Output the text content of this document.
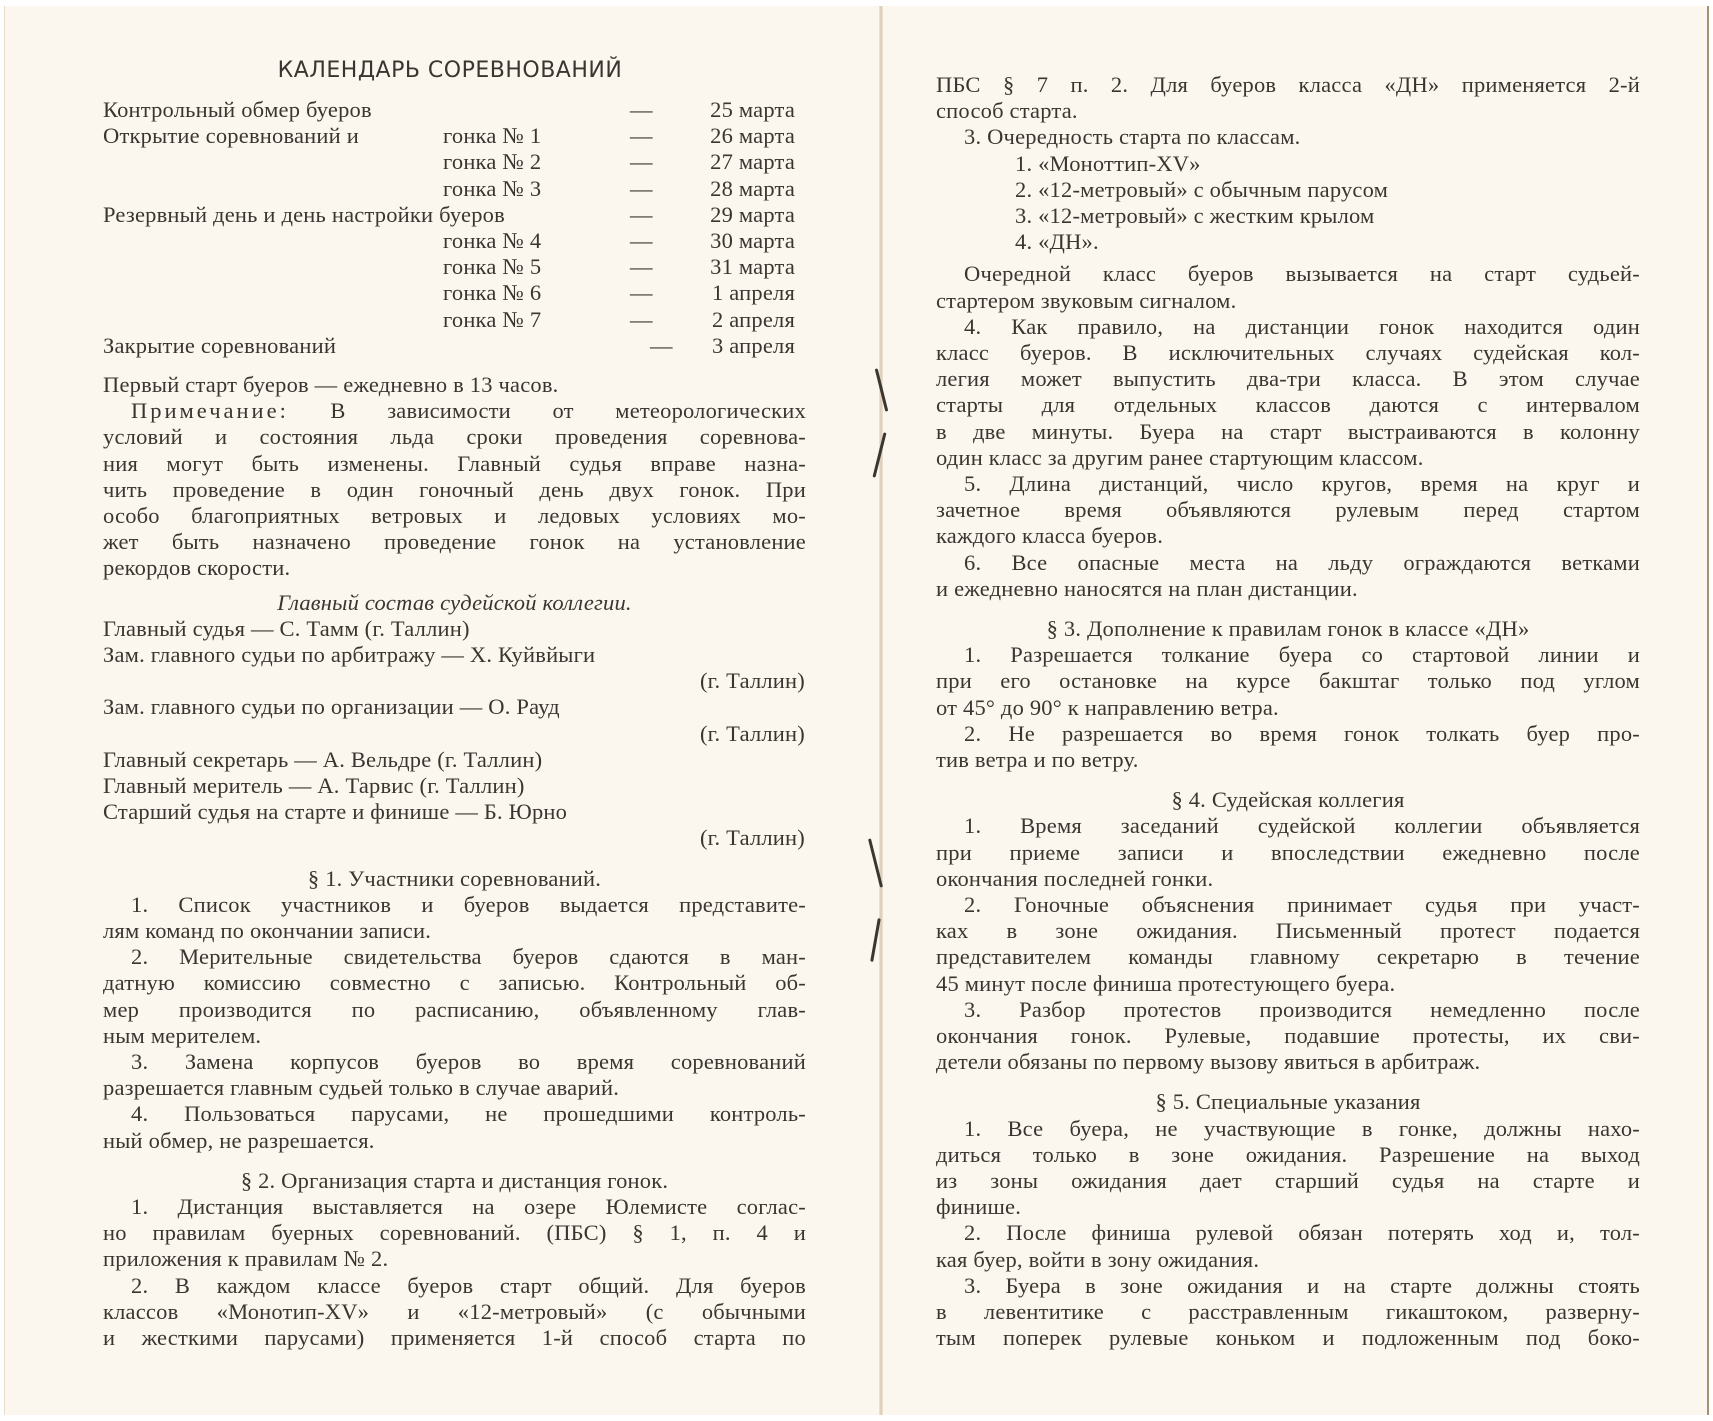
КАЛЕНДАРЬ СОРЕВНОВАНИЙ
Контрольный обмер буеров	—	25 марта
Открытие соревнований и	гонка № 1	—	26 марта
гонка № 2	—	27 марта
гонка № 3	—	28 марта
Резервный день и день настройки буеров	—	29 марта
гонка № 4	—	30 марта
гонка № 5	—	31 марта
гонка № 6	—	1 апреля
гонка № 7	—	2 апреля
Закрытие соревнований	— 3 апреля
Первый старт буеров — ежедневно в 13 часов.
Примечание: В зависимости от метеорологических
условий и состояния льда сроки проведения соревнова-
ния могут быть изменены. Главный судья вправе назна-
чить проведение в один гоночный день двух гонок. При
особо благоприятных ветровых и ледовых условиях мо-
жет быть назначено проведение гонок на установление
рекордов скорости.
Главный состав судейской коллегии.
Главный судья — С. Тамм (г. Таллин)
Зам. главного судьи по арбитражу — Х. Куйвйыги
(г. Таллин)
Зам. главного судьи по организации — О. Рауд
(г. Таллин)
Главный секретарь — А. Вельдре (г. Таллин)
Главный меритель — А. Тарвис (г. Таллин)
Старший судья на старте и финише — Б. Юрно
(г. Таллин)
§ 1. Участники соревнований.
1. Список участников и буеров выдается представите-
лям команд по окончании записи.
2. Мерительные свидетельства буеров сдаются в ман-
датную комиссию совместно с записью. Контрольный об-
мер производится по расписанию, объявленному глав-
ным мерителем.
3. Замена корпусов буеров во время соревнований
разрешается главным судьей только в случае аварий.
4. Пользоваться парусами, не прошедшими контроль-
ный обмер, не разрешается.
§ 2. Организация старта и дистанция гонок.
1. Дистанция выставляется на озере Юлемисте соглас-
но правилам буерных соревнований. (ПБС) § 1, п. 4 и
приложения к правилам № 2.
2. В каждом классе буеров старт общий. Для буеров
классов «Монотип-XV» и «12-метровый» (с обычными
и жесткими парусами) применяется 1-й способ старта по
ПБС § 7 п. 2. Для буеров класса «ДН» применяется 2-й
способ старта.
3. Очередность старта по классам.
1. «Моноттип-XV»
2. «12-метровый» с обычным парусом
3. «12-метровый» с жестким крылом
4. «ДН».
Очередной класс буеров вызывается на старт судьей-
стартером звуковым сигналом.
4. Как правило, на дистанции гонок находится один
класс буеров. В исключительных случаях судейская кол-
легия может выпустить два-три класса. В этом случае
старты для отдельных классов даются с интервалом
в две минуты. Буера на старт выстраиваются в колонну
один класс за другим ранее стартующим классом.
5. Длина дистанций, число кругов, время на круг и
зачетное время объявляются рулевым перед стартом
каждого класса буеров.
6. Все опасные места на льду ограждаются ветками
и ежедневно наносятся на план дистанции.
§ 3. Дополнение к правилам гонок в классе «ДН»
1. Разрешается толкание буера со стартовой линии и
при его остановке на курсе бакштаг только под углом
от 45° до 90° к направлению ветра.
2. Не разрешается во время гонок толкать буер про-
тив ветра и по ветру.
§ 4. Судейская коллегия
1. Время заседаний судейской коллегии объявляется
при приеме записи и впоследствии ежедневно после
окончания последней гонки.
2. Гоночные объяснения принимает судья при участ-
ках в зоне ожидания. Письменный протест подается
представителем команды главному секретарю в течение
45 минут после финиша протестующего буера.
3. Разбор протестов производится немедленно после
окончания гонок. Рулевые, подавшие протесты, их сви-
детели обязаны по первому вызову явиться в арбитраж.
§ 5. Специальные указания
1. Все буера, не участвующие в гонке, должны нахо-
диться только в зоне ожидания. Разрешение на выход
из зоны ожидания дает старший судья на старте и
финише.
2. После финиша рулевой обязан потерять ход и, тол-
кая буер, войти в зону ожидания.
3. Буера в зоне ожидания и на старте должны стоять
в левентитике с расстравленным гикаштоком, разверну-
тым поперек рулевые коньком и подложенным под боко-
